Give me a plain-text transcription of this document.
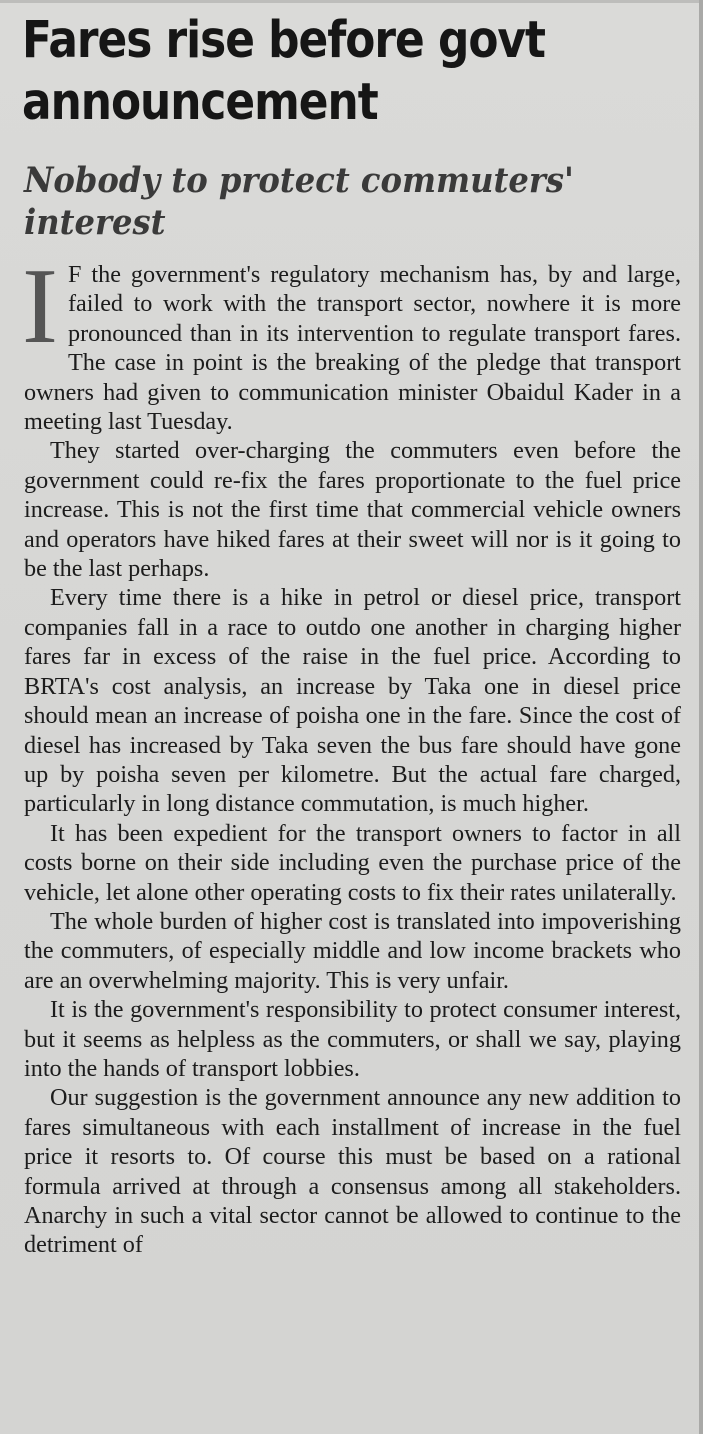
Fares rise before govt announcement
Nobody to protect commuters' interest

I F the government's regulatory mechanism has, by and large, failed to work with the transport sector, nowhere it is more pronounced than in its intervention to regulate transport fares. The case in point is the breaking of the pledge that transport owners had given to communication minister Obaidul Kader in a meeting last Tuesday.

They started over-charging the commuters even before the government could re-fix the fares proportionate to the fuel price increase. This is not the first time that commercial vehicle owners and operators have hiked fares at their sweet will nor is it going to be the last perhaps.

Every time there is a hike in petrol or diesel price, transport companies fall in a race to outdo one another in charging higher fares far in excess of the raise in the fuel price. According to BRTA's cost analysis, an increase by Taka one in diesel price should mean an increase of poisha one in the fare. Since the cost of diesel has increased by Taka seven the bus fare should have gone up by poisha seven per kilometre. But the actual fare charged, particularly in long distance commutation, is much higher.

It has been expedient for the transport owners to factor in all costs borne on their side including even the purchase price of the vehicle, let alone other operating costs to fix their rates unilaterally.

The whole burden of higher cost is translated into impoverishing the commuters, of especially middle and low income brackets who are an overwhelming majority. This is very unfair.

It is the government's responsibility to protect consumer interest, but it seems as helpless as the commuters, or shall we say, playing into the hands of transport lobbies.

Our suggestion is the government announce any new addition to fares simultaneous with each installment of increase in the fuel price it resorts to. Of course this must be based on a rational formula arrived at through a consensus among all stakeholders. Anarchy in such a vital sector cannot be allowed to continue to the detriment of
